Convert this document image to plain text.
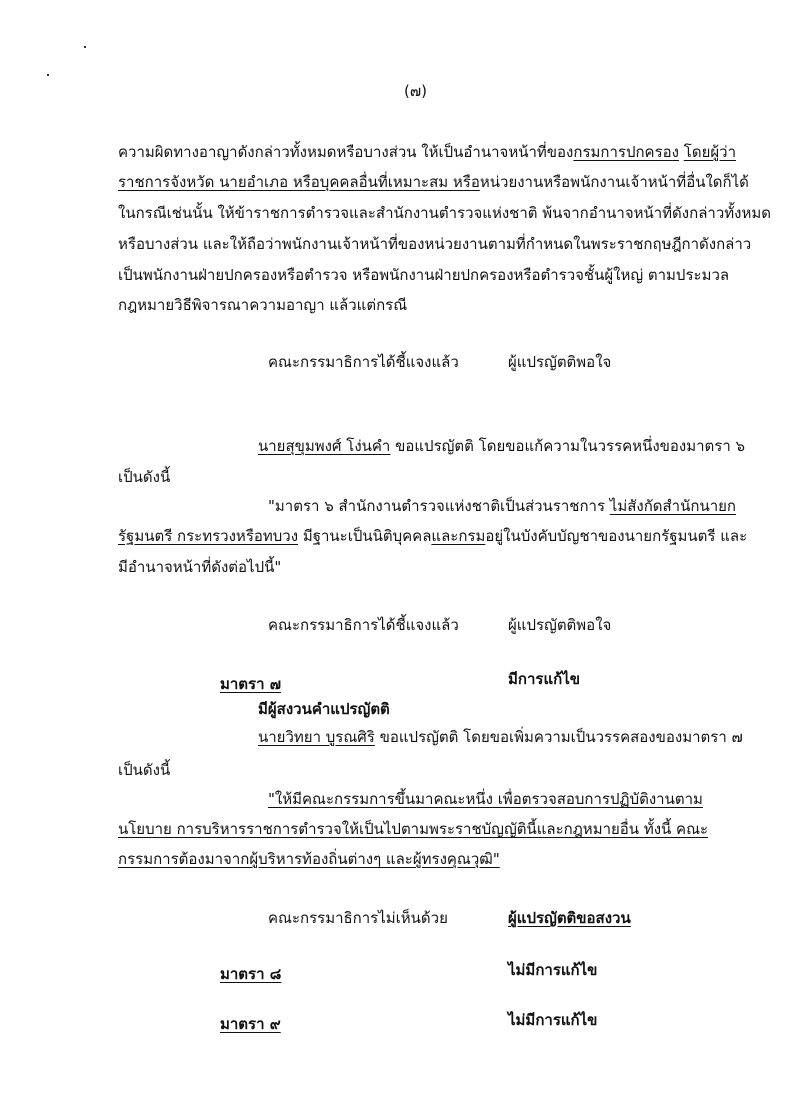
(๗)
ความผิดทางอาญาดังกล่าวทั้งหมดหรือบางส่วน ให้เป็นอำนาจหน้าที่ของกรมการปกครอง โดยผู้ว่า
ราชการจังหวัด นายอำเภอ หรือบุคคลอื่นที่เหมาะสม หรือหน่วยงานหรือพนักงานเจ้าหน้าที่อื่นใดก็ได้
ในกรณีเช่นนั้น ให้ข้าราชการตำรวจและสำนักงานตำรวจแห่งชาติ พ้นจากอำนาจหน้าที่ดังกล่าวทั้งหมด
หรือบางส่วน และให้ถือว่าพนักงานเจ้าหน้าที่ของหน่วยงานตามที่กำหนดในพระราชกฤษฎีกาดังกล่าว
เป็นพนักงานฝ่ายปกครองหรือตำรวจ หรือพนักงานฝ่ายปกครองหรือตำรวจชั้นผู้ใหญ่ ตามประมวล
กฎหมายวิธีพิจารณาความอาญา แล้วแต่กรณี
คณะกรรมาธิการได้ชี้แจงแล้ว	ผู้แปรญัตติพอใจ
นายสุขุมพงศ์ โง่นคำ ขอแปรญัตติ โดยขอแก้ความในวรรคหนึ่งของมาตรา ๖
เป็นดังนี้
"มาตรา ๖ สำนักงานตำรวจแห่งชาติเป็นส่วนราชการ ไม่สังกัดสำนักนายก
รัฐมนตรี กระทรวงหรือทบวง มีฐานะเป็นนิติบุคคลและกรมอยู่ในบังคับบัญชาของนายกรัฐมนตรี และ
มีอำนาจหน้าที่ดังต่อไปนี้"
คณะกรรมาธิการได้ชี้แจงแล้ว	ผู้แปรญัตติพอใจ
มาตรา ๗	มีการแก้ไข
มีผู้สงวนคำแปรญัตติ
นายวิทยา บูรณศิริ ขอแปรญัตติ โดยขอเพิ่มความเป็นวรรคสองของมาตรา ๗
เป็นดังนี้
"ให้มีคณะกรรมการขึ้นมาคณะหนึ่ง เพื่อตรวจสอบการปฏิบัติงานตาม
นโยบาย การบริหารราชการตำรวจให้เป็นไปตามพระราชบัญญัตินี้และกฎหมายอื่น ทั้งนี้ คณะ
กรรมการต้องมาจากผู้บริหารท้องถิ่นต่างๆ และผู้ทรงคุณวุฒิ"
คณะกรรมาธิการไม่เห็นด้วย	ผู้แปรญัตติขอสงวน
มาตรา ๘	ไม่มีการแก้ไข
มาตรา ๙	ไม่มีการแก้ไข
